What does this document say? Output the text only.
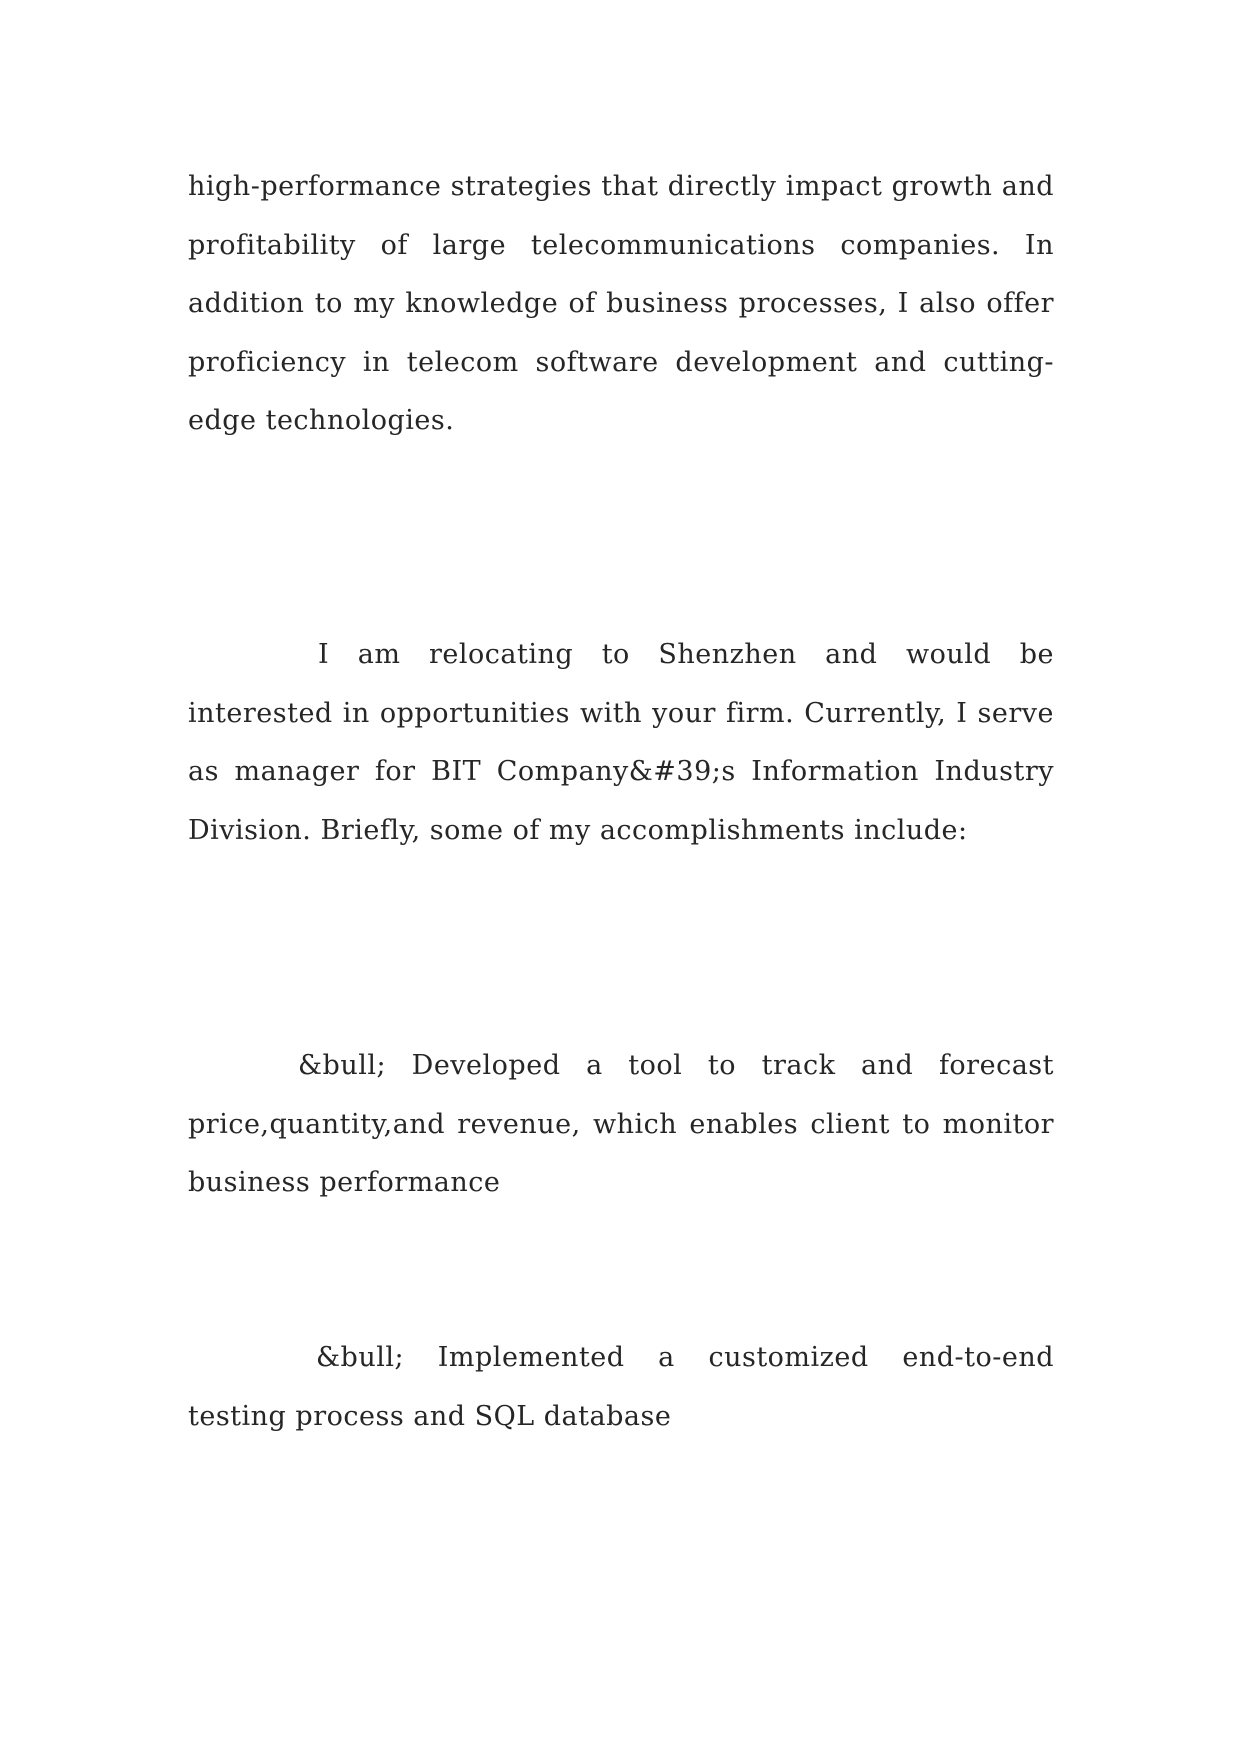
high-performance strategies that directly impact growth and profitability of large telecommunications companies. In addition to my knowledge of business processes, I also offer proficiency in telecom software development and cutting-edge technologies.

I am relocating to Shenzhen and would be interested in opportunities with your firm. Currently, I serve as manager for BIT Company&#39;s Information Industry Division. Briefly, some of my accomplishments include:

&bull; Developed a tool to track and forecast price,quantity,and revenue, which enables client to monitor business performance

&bull; Implemented a customized end-to-end testing process and SQL database
